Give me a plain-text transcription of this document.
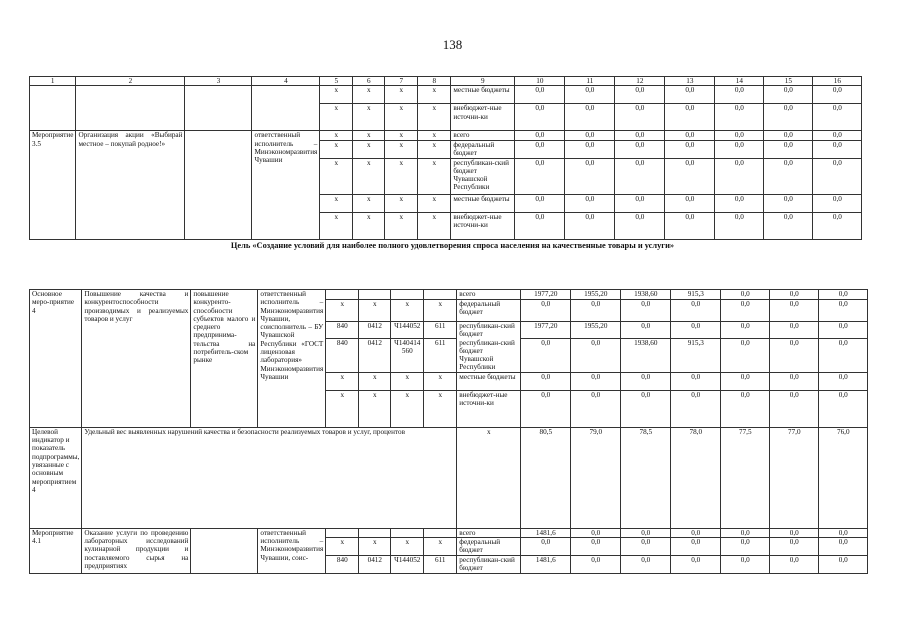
138
1	2	3	4	5	6	7	8	9	10	11	12	13	14	15	16
				x	x	x	x	местные бюджеты	0,0	0,0	0,0	0,0	0,0	0,0	0,0
				x	x	x	x	внебюджет-ные источни-ки	0,0	0,0	0,0	0,0	0,0	0,0	0,0
Мероприятие 3.5	Организация акции «Выбирай местное – покупай родное!»		ответственный исполнитель – Минэкономразвития Чувашии	x	x	x	x	всего	0,0	0,0	0,0	0,0	0,0	0,0	0,0
				x	x	x	x	федеральный бюджет	0,0	0,0	0,0	0,0	0,0	0,0	0,0
				x	x	x	x	республикан-ский бюджет Чувашской Республики	0,0	0,0	0,0	0,0	0,0	0,0	0,0
				x	x	x	x	местные бюджеты	0,0	0,0	0,0	0,0	0,0	0,0	0,0
				x	x	x	x	внебюджет-ные источни-ки	0,0	0,0	0,0	0,0	0,0	0,0	0,0
Цель «Создание условий для наиболее полного удовлетворения спроса населения на качественные товары и услуги»
Основное меро-приятие 4	Повышение качества и конкурентоспособности производимых и реализуемых товаров и услуг	повышение конкуренто-способности субъектов малого и среднего предпринима-тельства на потребитель-ском рынке	ответственный исполнитель – Минэкономразвития Чувашии, соисполнитель – БУ Чувашской Республики «ГОСТ лицензовая лаборатория» Минэкономразвития Чувашии					всего	1977,20	1955,20	1938,60	915,3	0,0	0,0	0,0
				x	x	x	x	федеральный бюджет	0,0	0,0	0,0	0,0	0,0	0,0	0,0
				840	0412	Ч144052	611	республикан-ский бюджет	1977,20	1955,20	0,0	0,0	0,0	0,0	0,0
				840	0412	Ч140414 560	611	республикан-ский бюджет Чувашской Республики	0,0	0,0	1938,60	915,3	0,0	0,0	0,0
				x	x	x	x	местные бюджеты	0,0	0,0	0,0	0,0	0,0	0,0	0,0
				x	x	x	x	внебюджет-ные источни-ки	0,0	0,0	0,0	0,0	0,0	0,0	0,0
Целевой индикатор и показатель подпрограммы, увязанные с основным мероприятием 4	Удельный вес выявленных нарушений качества и безопасности реализуемых товаров и услуг, процентов							x	80,5	79,0	78,5	78,0	77,5	77,0	76,0
Мероприятие 4.1	Оказание услуги по проведению лабораторных исследований кулинарной продукции и поставляемого сырья на предприятиях		ответственный исполнитель – Минэкономразвития Чувашии, соис-					всего	1481,6	0,0	0,0	0,0	0,0	0,0	0,0
				x	x	x	x	федеральный бюджет	0,0	0,0	0,0	0,0	0,0	0,0	0,0
				840	0412	Ч144052	611	республикан-ский бюджет	1481,6	0,0	0,0	0,0	0,0	0,0	0,0
